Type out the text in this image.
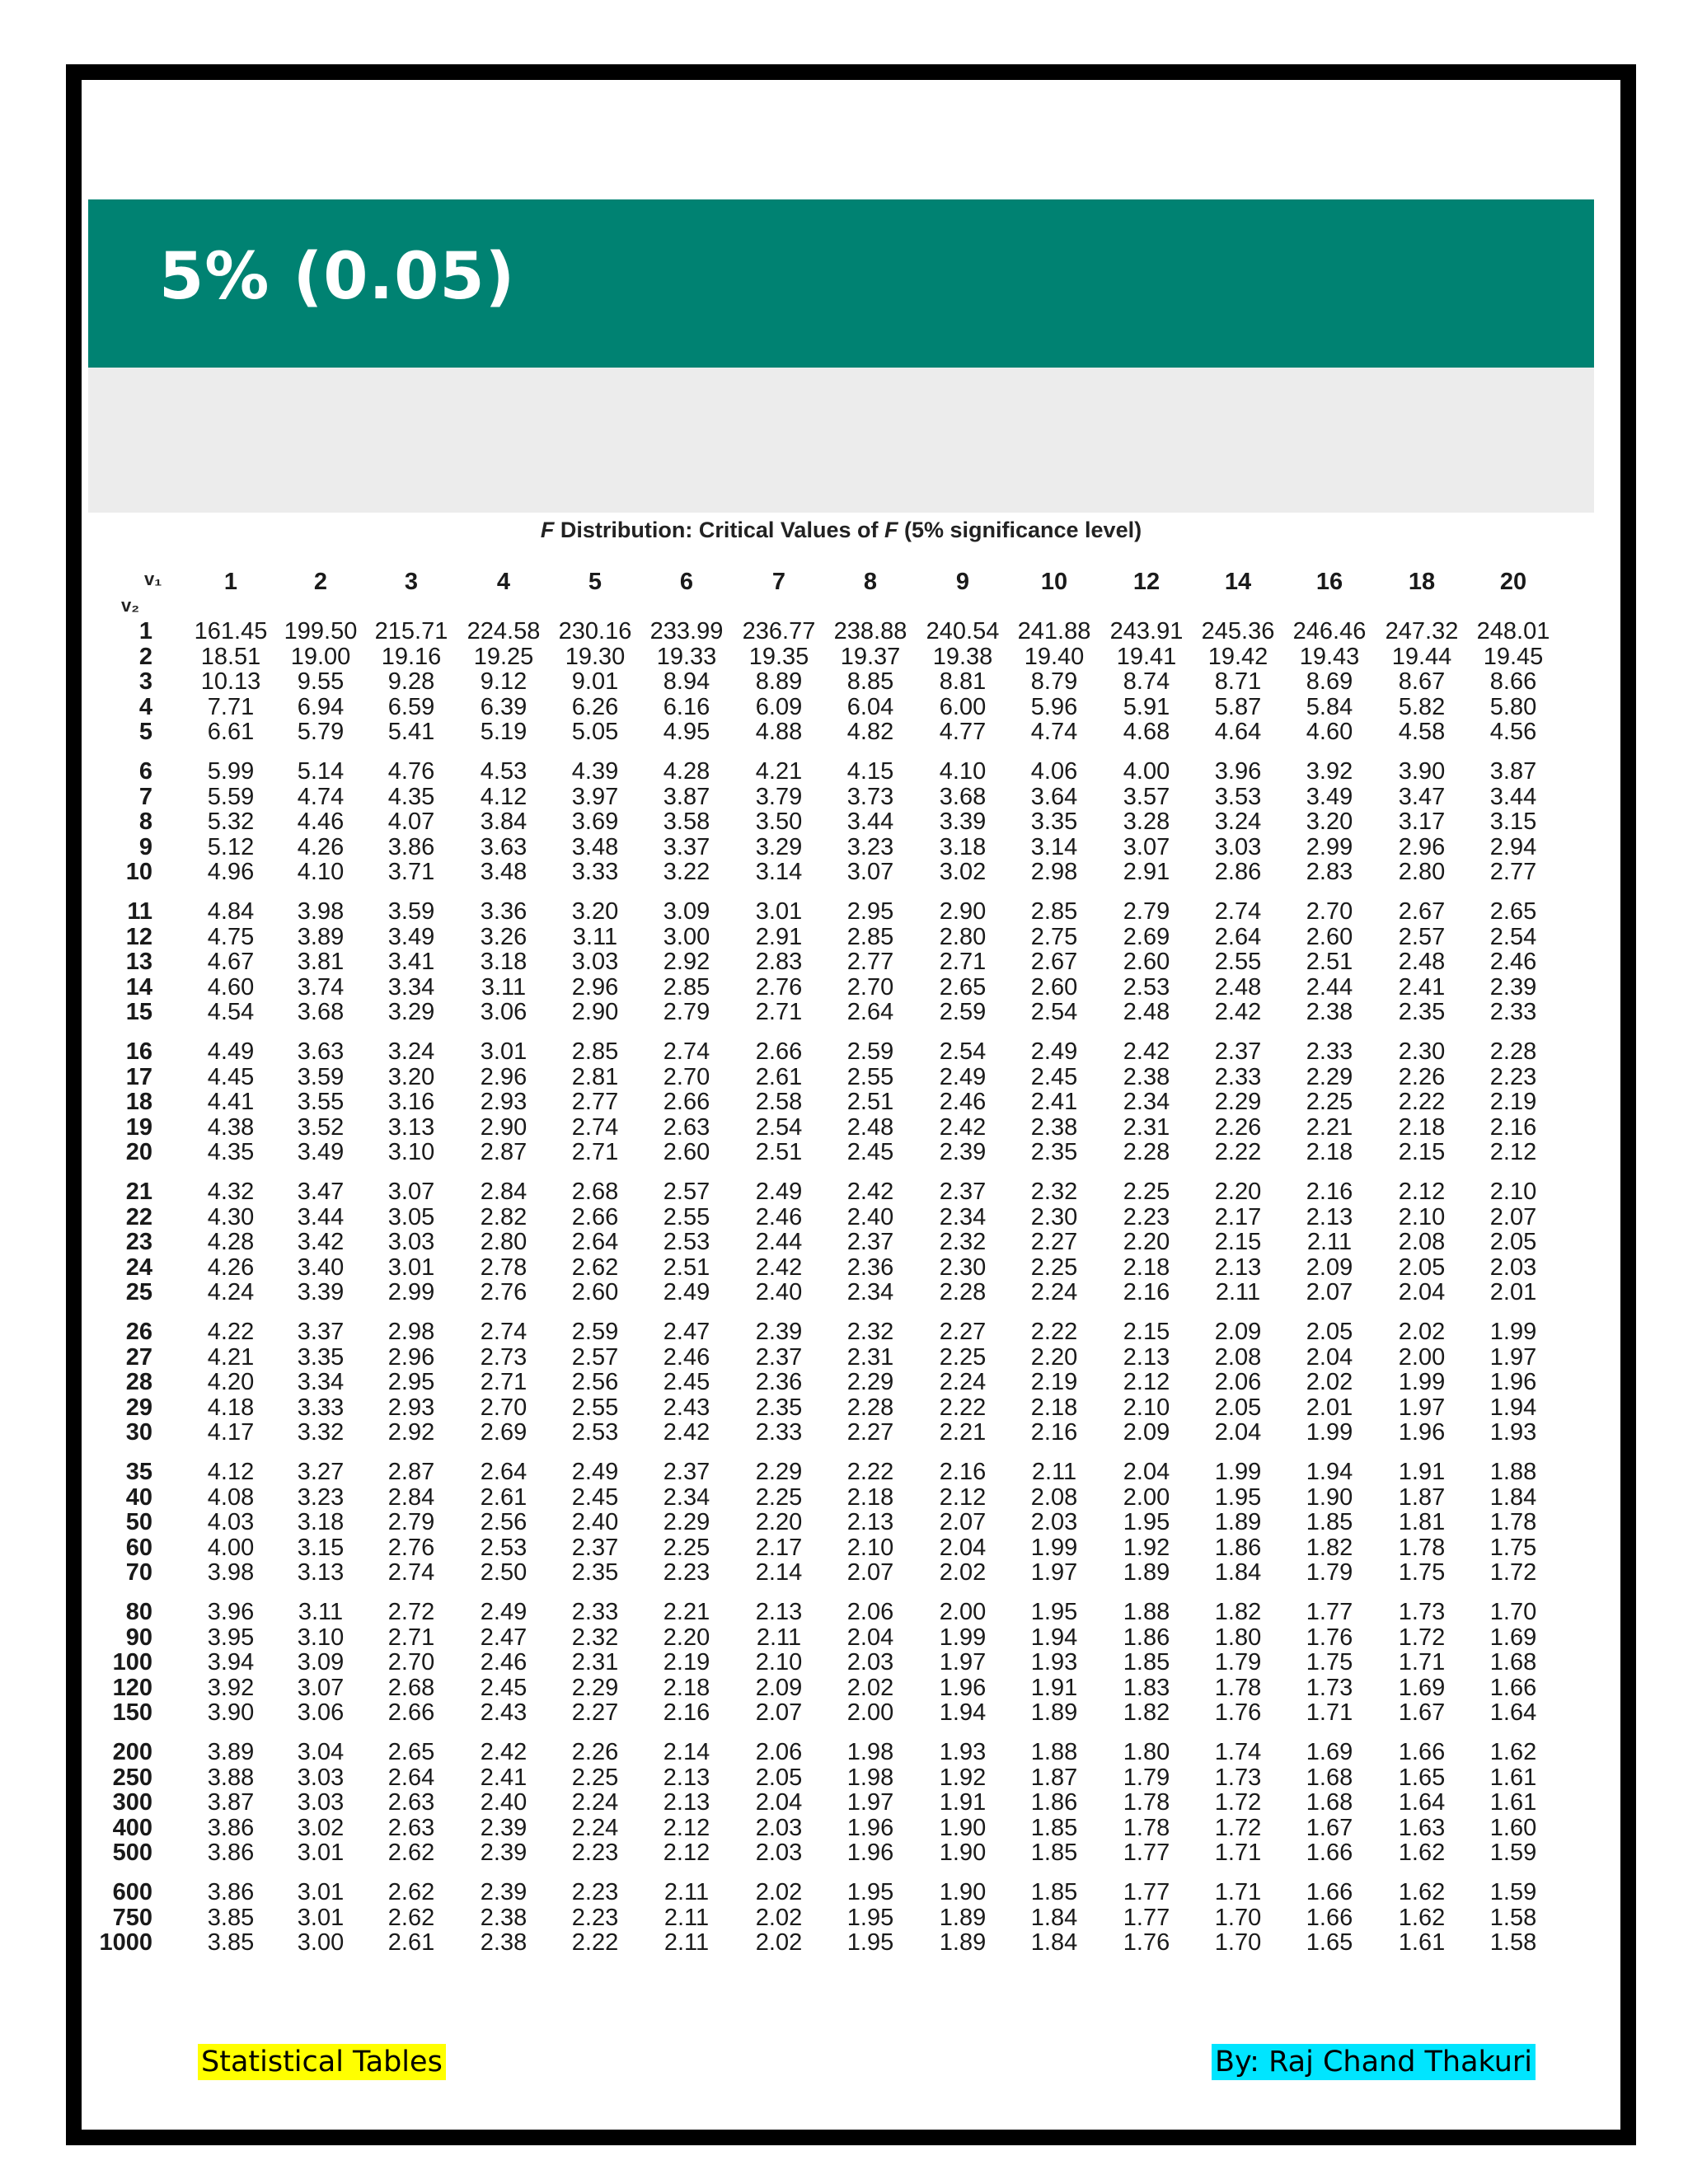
5% (0.05)
F Distribution: Critical Values of F (5% significance level)
v₁
v₂
1	2	3	4	5	6	7	8	9	10	12	14	16	18	20
1 161.45 199.50 215.71 224.58 230.16 233.99 236.77 238.88 240.54 241.88 243.91 245.36 246.46 247.32 248.01
2 18.51 19.00 19.16 19.25 19.30 19.33 19.35 19.37 19.38 19.40 19.41 19.42 19.43 19.44 19.45
3 10.13 9.55 9.28 9.12 9.01 8.94 8.89 8.85 8.81 8.79 8.74 8.71 8.69 8.67 8.66
4 7.71 6.94 6.59 6.39 6.26 6.16 6.09 6.04 6.00 5.96 5.91 5.87 5.84 5.82 5.80
5 6.61 5.79 5.41 5.19 5.05 4.95 4.88 4.82 4.77 4.74 4.68 4.64 4.60 4.58 4.56
6 5.99 5.14 4.76 4.53 4.39 4.28 4.21 4.15 4.10 4.06 4.00 3.96 3.92 3.90 3.87
7 5.59 4.74 4.35 4.12 3.97 3.87 3.79 3.73 3.68 3.64 3.57 3.53 3.49 3.47 3.44
8 5.32 4.46 4.07 3.84 3.69 3.58 3.50 3.44 3.39 3.35 3.28 3.24 3.20 3.17 3.15
9 5.12 4.26 3.86 3.63 3.48 3.37 3.29 3.23 3.18 3.14 3.07 3.03 2.99 2.96 2.94
10 4.96 4.10 3.71 3.48 3.33 3.22 3.14 3.07 3.02 2.98 2.91 2.86 2.83 2.80 2.77
11 4.84 3.98 3.59 3.36 3.20 3.09 3.01 2.95 2.90 2.85 2.79 2.74 2.70 2.67 2.65
12 4.75 3.89 3.49 3.26 3.11 3.00 2.91 2.85 2.80 2.75 2.69 2.64 2.60 2.57 2.54
13 4.67 3.81 3.41 3.18 3.03 2.92 2.83 2.77 2.71 2.67 2.60 2.55 2.51 2.48 2.46
14 4.60 3.74 3.34 3.11 2.96 2.85 2.76 2.70 2.65 2.60 2.53 2.48 2.44 2.41 2.39
15 4.54 3.68 3.29 3.06 2.90 2.79 2.71 2.64 2.59 2.54 2.48 2.42 2.38 2.35 2.33
16 4.49 3.63 3.24 3.01 2.85 2.74 2.66 2.59 2.54 2.49 2.42 2.37 2.33 2.30 2.28
17 4.45 3.59 3.20 2.96 2.81 2.70 2.61 2.55 2.49 2.45 2.38 2.33 2.29 2.26 2.23
18 4.41 3.55 3.16 2.93 2.77 2.66 2.58 2.51 2.46 2.41 2.34 2.29 2.25 2.22 2.19
19 4.38 3.52 3.13 2.90 2.74 2.63 2.54 2.48 2.42 2.38 2.31 2.26 2.21 2.18 2.16
20 4.35 3.49 3.10 2.87 2.71 2.60 2.51 2.45 2.39 2.35 2.28 2.22 2.18 2.15 2.12
21 4.32 3.47 3.07 2.84 2.68 2.57 2.49 2.42 2.37 2.32 2.25 2.20 2.16 2.12 2.10
22 4.30 3.44 3.05 2.82 2.66 2.55 2.46 2.40 2.34 2.30 2.23 2.17 2.13 2.10 2.07
23 4.28 3.42 3.03 2.80 2.64 2.53 2.44 2.37 2.32 2.27 2.20 2.15 2.11 2.08 2.05
24 4.26 3.40 3.01 2.78 2.62 2.51 2.42 2.36 2.30 2.25 2.18 2.13 2.09 2.05 2.03
25 4.24 3.39 2.99 2.76 2.60 2.49 2.40 2.34 2.28 2.24 2.16 2.11 2.07 2.04 2.01
26 4.22 3.37 2.98 2.74 2.59 2.47 2.39 2.32 2.27 2.22 2.15 2.09 2.05 2.02 1.99
27 4.21 3.35 2.96 2.73 2.57 2.46 2.37 2.31 2.25 2.20 2.13 2.08 2.04 2.00 1.97
28 4.20 3.34 2.95 2.71 2.56 2.45 2.36 2.29 2.24 2.19 2.12 2.06 2.02 1.99 1.96
29 4.18 3.33 2.93 2.70 2.55 2.43 2.35 2.28 2.22 2.18 2.10 2.05 2.01 1.97 1.94
30 4.17 3.32 2.92 2.69 2.53 2.42 2.33 2.27 2.21 2.16 2.09 2.04 1.99 1.96 1.93
35 4.12 3.27 2.87 2.64 2.49 2.37 2.29 2.22 2.16 2.11 2.04 1.99 1.94 1.91 1.88
40 4.08 3.23 2.84 2.61 2.45 2.34 2.25 2.18 2.12 2.08 2.00 1.95 1.90 1.87 1.84
50 4.03 3.18 2.79 2.56 2.40 2.29 2.20 2.13 2.07 2.03 1.95 1.89 1.85 1.81 1.78
60 4.00 3.15 2.76 2.53 2.37 2.25 2.17 2.10 2.04 1.99 1.92 1.86 1.82 1.78 1.75
70 3.98 3.13 2.74 2.50 2.35 2.23 2.14 2.07 2.02 1.97 1.89 1.84 1.79 1.75 1.72
80 3.96 3.11 2.72 2.49 2.33 2.21 2.13 2.06 2.00 1.95 1.88 1.82 1.77 1.73 1.70
90 3.95 3.10 2.71 2.47 2.32 2.20 2.11 2.04 1.99 1.94 1.86 1.80 1.76 1.72 1.69
100 3.94 3.09 2.70 2.46 2.31 2.19 2.10 2.03 1.97 1.93 1.85 1.79 1.75 1.71 1.68
120 3.92 3.07 2.68 2.45 2.29 2.18 2.09 2.02 1.96 1.91 1.83 1.78 1.73 1.69 1.66
150 3.90 3.06 2.66 2.43 2.27 2.16 2.07 2.00 1.94 1.89 1.82 1.76 1.71 1.67 1.64
200 3.89 3.04 2.65 2.42 2.26 2.14 2.06 1.98 1.93 1.88 1.80 1.74 1.69 1.66 1.62
250 3.88 3.03 2.64 2.41 2.25 2.13 2.05 1.98 1.92 1.87 1.79 1.73 1.68 1.65 1.61
300 3.87 3.03 2.63 2.40 2.24 2.13 2.04 1.97 1.91 1.86 1.78 1.72 1.68 1.64 1.61
400 3.86 3.02 2.63 2.39 2.24 2.12 2.03 1.96 1.90 1.85 1.78 1.72 1.67 1.63 1.60
500 3.86 3.01 2.62 2.39 2.23 2.12 2.03 1.96 1.90 1.85 1.77 1.71 1.66 1.62 1.59
600 3.86 3.01 2.62 2.39 2.23 2.11 2.02 1.95 1.90 1.85 1.77 1.71 1.66 1.62 1.59
750 3.85 3.01 2.62 2.38 2.23 2.11 2.02 1.95 1.89 1.84 1.77 1.70 1.66 1.62 1.58
1000 3.85 3.00 2.61 2.38 2.22 2.11 2.02 1.95 1.89 1.84 1.76 1.70 1.65 1.61 1.58
Statistical Tables	By: Raj Chand Thakuri
